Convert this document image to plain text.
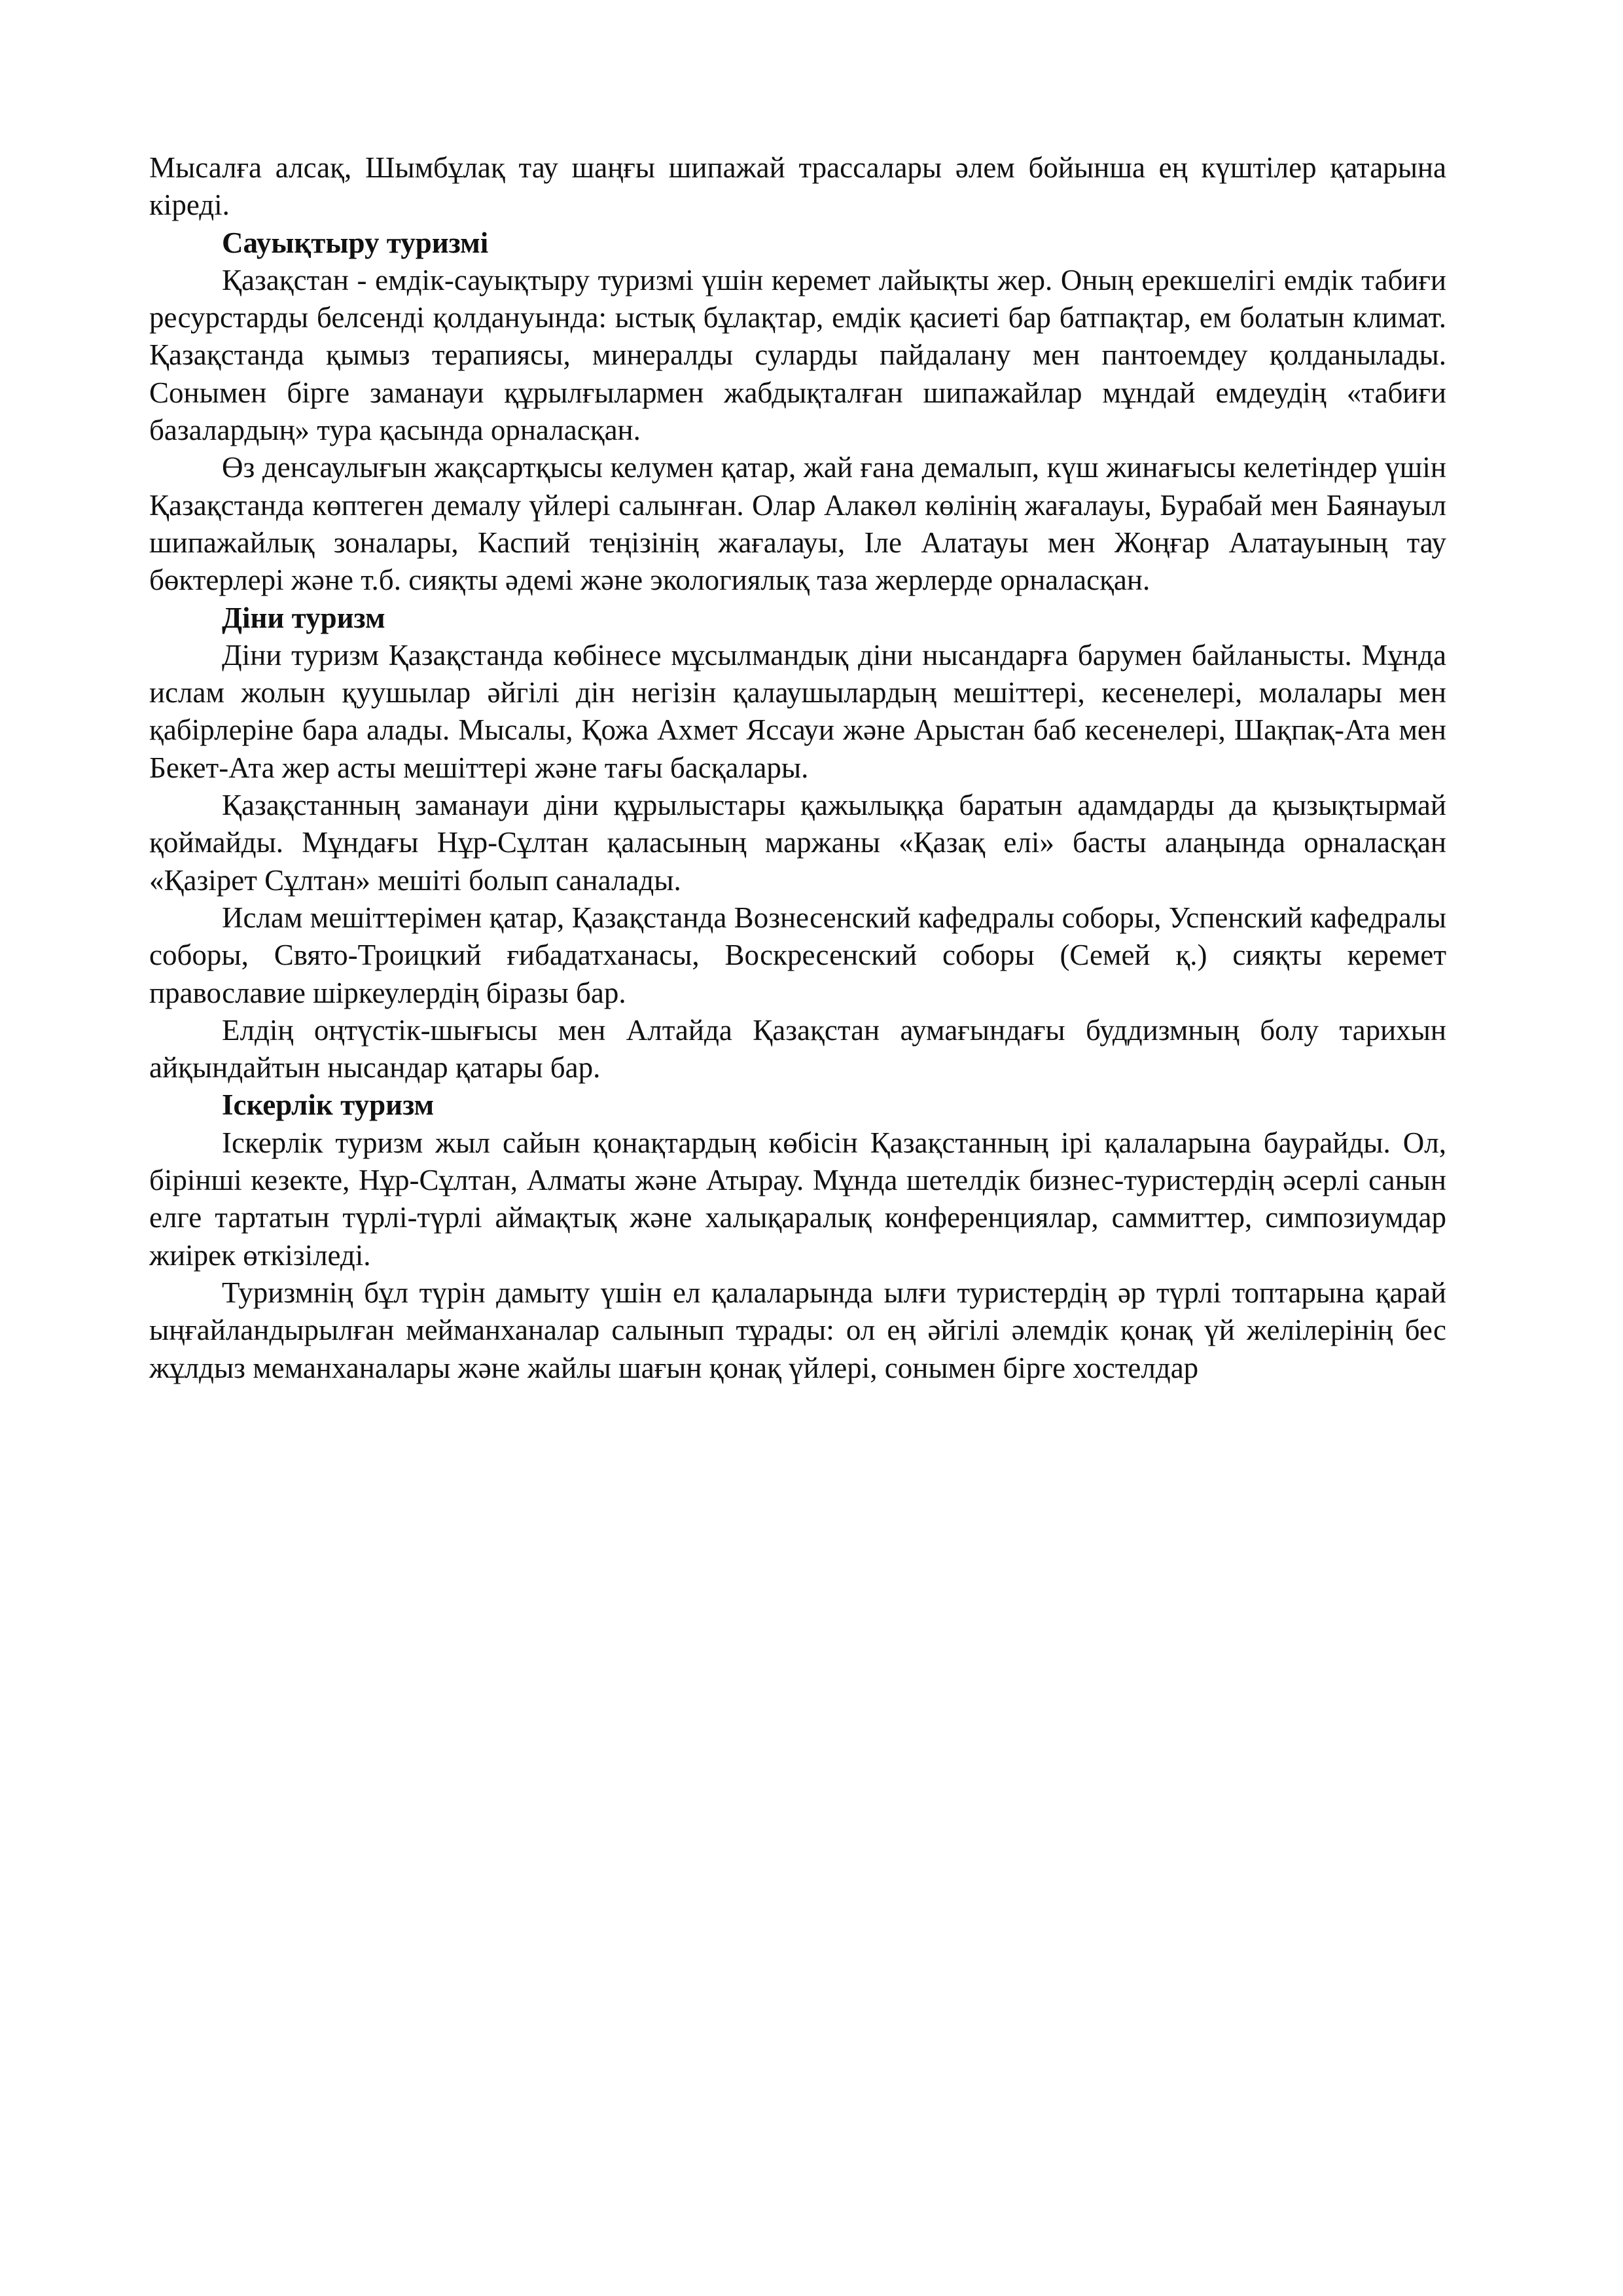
Мысалға алсақ, Шымбұлақ тау шаңғы шипажай трассалары әлем бойынша ең күштілер қатарына кіреді.

Сауықтыру туризмі

Қазақстан - емдік-сауықтыру туризмі үшін керемет лайықты жер. Оның ерекшелігі емдік табиғи ресурстарды белсенді қолдануында: ыстық бұлақтар, емдік қасиеті бар батпақтар, ем болатын климат. Қазақстанда қымыз терапиясы, минералды суларды пайдалану мен пантоемдеу қолданылады. Сонымен бірге заманауи құрылғылармен жабдықталған шипажайлар мұндай емдеудің «табиғи базалардың» тура қасында орналасқан.

Өз денсаулығын жақсартқысы келумен қатар, жай ғана демалып, күш жинағысы келетіндер үшін Қазақстанда көптеген демалу үйлері салынған. Олар Алакөл көлінің жағалауы, Бурабай мен Баянауыл шипажайлық зоналары, Каспий теңізінің жағалауы, Іле Алатауы мен Жоңғар Алатауының тау бөктерлері және т.б. сияқты әдемі және экологиялық таза жерлерде орналасқан.

Діни туризм

Діни туризм Қазақстанда көбінесе мұсылмандық діни нысандарға барумен байланысты. Мұнда ислам жолын қуушылар әйгілі дін негізін қалаушылардың мешіттері, кесенелері, молалары мен қабірлеріне бара алады. Мысалы, Қожа Ахмет Яссауи және Арыстан баб кесенелері, Шақпақ-Ата мен Бекет-Ата жер асты мешіттері және тағы басқалары.

Қазақстанның заманауи діни құрылыстары қажылыққа баратын адамдарды да қызықтырмай қоймайды. Мұндағы Нұр-Сұлтан қаласының маржаны «Қазақ елі» басты алаңында орналасқан «Қазірет Сұлтан» мешіті болып саналады.

Ислам мешіттерімен қатар, Қазақстанда Вознесенский кафедралы соборы, Успенский кафедралы соборы, Свято-Троицкий ғибадатханасы, Воскресенский соборы (Семей қ.) сияқты керемет православие шіркеулердің біразы бар.

Елдің оңтүстік-шығысы мен Алтайда Қазақстан аумағындағы буддизмның болу тарихын айқындайтын нысандар қатары бар.

Іскерлік туризм

Іскерлік туризм жыл сайын қонақтардың көбісін Қазақстанның ірі қалаларына баурайды. Ол, бірінші кезекте, Нұр-Сұлтан, Алматы және Атырау. Мұнда шетелдік бизнес-туристердің әсерлі санын елге тартатын түрлі-түрлі аймақтық және халықаралық конференциялар, саммиттер, симпозиумдар жиірек өткізіледі.

Туризмнің бұл түрін дамыту үшін ел қалаларында ылғи туристердің әр түрлі топтарына қарай ыңғайландырылған мейманханалар салынып тұрады: ол ең әйгілі әлемдік қонақ үй желілерінің бес жұлдыз меманханалары және жайлы шағын қонақ үйлері, сонымен бірге хостелдар
